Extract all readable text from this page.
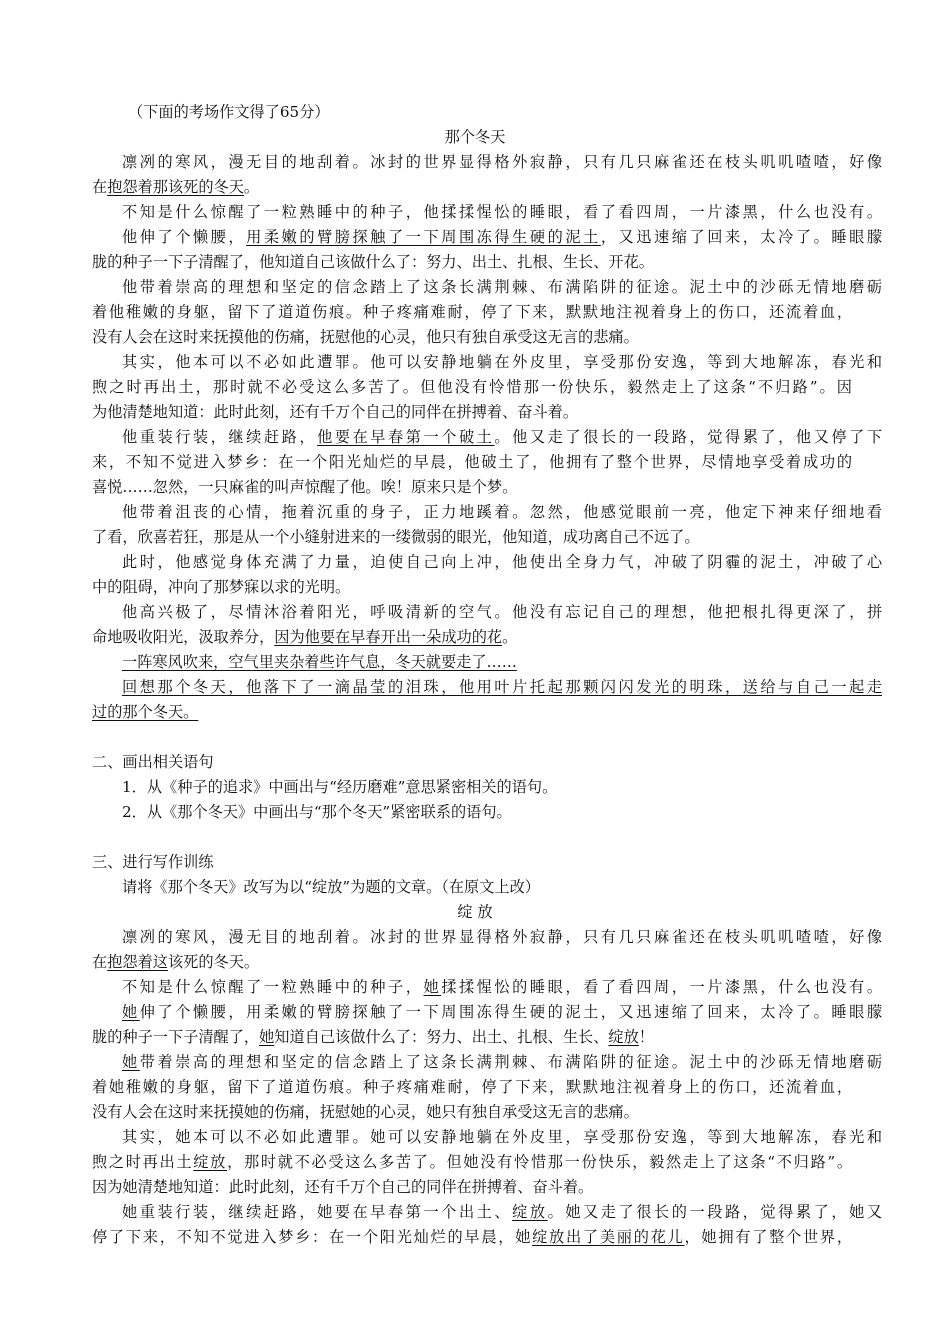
（下面的考场作文得了65分）
那个冬天
凛冽的寒风，漫无目的地刮着。冰封的世界显得格外寂静，只有几只麻雀还在枝头叽叽喳喳，好像
在抱怨着那该死的冬天。
不知是什么惊醒了一粒熟睡中的种子，他揉揉惺忪的睡眼，看了看四周，一片漆黑，什么也没有。
他伸了个懒腰，用柔嫩的臂膀探触了一下周围冻得生硬的泥土，又迅速缩了回来，太冷了。睡眼朦
胧的种子一下子清醒了，他知道自己该做什么了：努力、出土、扎根、生长、开花。
他带着崇高的理想和坚定的信念踏上了这条长满荆棘、布满陷阱的征途。泥土中的沙砾无情地磨砺
着他稚嫩的身躯，留下了道道伤痕。种子疼痛难耐，停了下来，默默地注视着身上的伤口，还流着血，
没有人会在这时来抚摸他的伤痛，抚慰他的心灵，他只有独自承受这无言的悲痛。
其实，他本可以不必如此遭罪。他可以安静地躺在外皮里，享受那份安逸，等到大地解冻，春光和
煦之时再出土，那时就不必受这么多苦了。但他没有怜惜那一份快乐，毅然走上了这条“不归路”。因
为他清楚地知道：此时此刻，还有千万个自己的同伴在拼搏着、奋斗着。
他重装行装，继续赶路，他要在早春第一个破土。他又走了很长的一段路，觉得累了，他又停了下
来，不知不觉进入梦乡：在一个阳光灿烂的早晨，他破土了，他拥有了整个世界，尽情地享受着成功的
喜悦……忽然，一只麻雀的叫声惊醒了他。唉！原来只是个梦。
他带着沮丧的心情，拖着沉重的身子，正力地蹊着。忽然，他感觉眼前一亮，他定下神来仔细地看
了看，欣喜若狂，那是从一个小缝射进来的一缕微弱的眼光，他知道，成功离自己不远了。
此时，他感觉身体充满了力量，迫使自己向上冲，他使出全身力气，冲破了阴霾的泥土，冲破了心
中的阻碍，冲向了那梦寐以求的光明。
他高兴极了，尽情沐浴着阳光，呼吸清新的空气。他没有忘记自己的理想，他把根扎得更深了，拼
命地吸收阳光，汲取养分，因为他要在早春开出一朵成功的花。
一阵寒风吹来，空气里夹杂着些许气息，冬天就要走了……
回想那个冬天，他落下了一滴晶莹的泪珠，他用叶片托起那颗闪闪发光的明珠，送给与自己一起走
过的那个冬天。
二、画出相关语句
1．从《种子的追求》中画出与“经历磨难”意思紧密相关的语句。
2．从《那个冬天》中画出与“那个冬天”紧密联系的语句。
三、进行写作训练
请将《那个冬天》改写为以“绽放”为题的文章。（在原文上改）
绽 放
凛冽的寒风，漫无目的地刮着。冰封的世界显得格外寂静，只有几只麻雀还在枝头叽叽喳喳，好像
在抱怨着这该死的冬天。
不知是什么惊醒了一粒熟睡中的种子，她揉揉惺忪的睡眼，看了看四周，一片漆黑，什么也没有。
她伸了个懒腰，用柔嫩的臂膀探触了一下周围冻得生硬的泥土，又迅速缩了回来，太冷了。睡眼朦
胧的种子一下子清醒了，她知道自己该做什么了：努力、出土、扎根、生长、绽放！
她带着崇高的理想和坚定的信念踏上了这条长满荆棘、布满陷阱的征途。泥土中的沙砾无情地磨砺
着她稚嫩的身躯，留下了道道伤痕。种子疼痛难耐，停了下来，默默地注视着身上的伤口，还流着血，
没有人会在这时来抚摸她的伤痛，抚慰她的心灵，她只有独自承受这无言的悲痛。
其实，她本可以不必如此遭罪。她可以安静地躺在外皮里，享受那份安逸，等到大地解冻，春光和
煦之时再出土绽放，那时就不必受这么多苦了。但她没有怜惜那一份快乐，毅然走上了这条“不归路”。
因为她清楚地知道：此时此刻，还有千万个自己的同伴在拼搏着、奋斗着。
她重装行装，继续赶路，她要在早春第一个出土、绽放。她又走了很长的一段路，觉得累了，她又
停了下来，不知不觉进入梦乡：在一个阳光灿烂的早晨，她绽放出了美丽的花儿，她拥有了整个世界，
